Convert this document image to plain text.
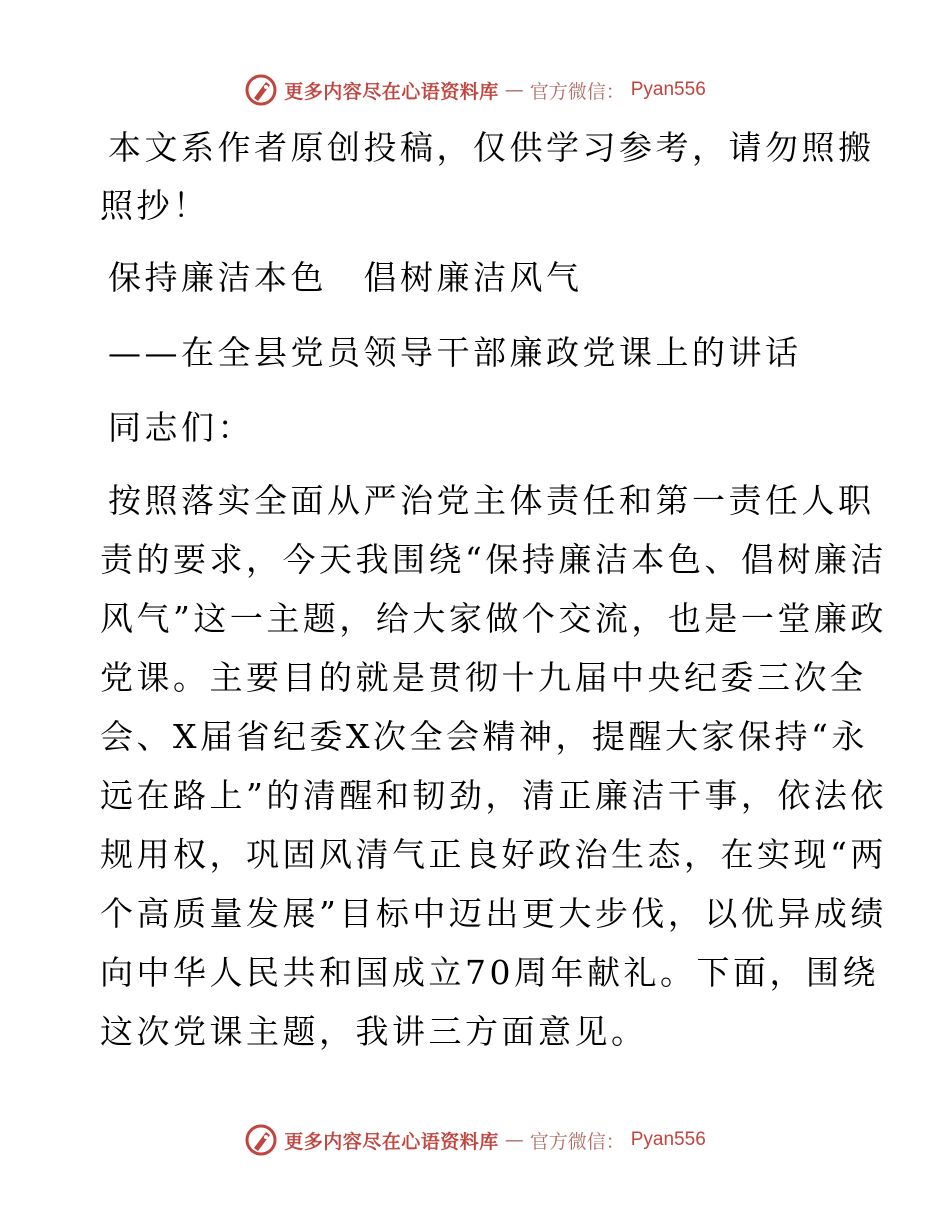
更多内容尽在心语资料库 — 官方微信： Pyan556
本文系作者原创投稿，仅供学习参考，请勿照搬
照抄！
保持廉洁本色　倡树廉洁风气
——在全县党员领导干部廉政党课上的讲话
同志们：
按照落实全面从严治党主体责任和第一责任人职
责的要求，今天我围绕“保持廉洁本色、倡树廉洁
风气”这一主题，给大家做个交流，也是一堂廉政
党课。主要目的就是贯彻十九届中央纪委三次全
会、X届省纪委X次全会精神，提醒大家保持“永
远在路上”的清醒和韧劲，清正廉洁干事，依法依
规用权，巩固风清气正良好政治生态，在实现“两
个高质量发展”目标中迈出更大步伐，以优异成绩
向中华人民共和国成立70周年献礼。下面，围绕
这次党课主题，我讲三方面意见。
更多内容尽在心语资料库 — 官方微信： Pyan556
